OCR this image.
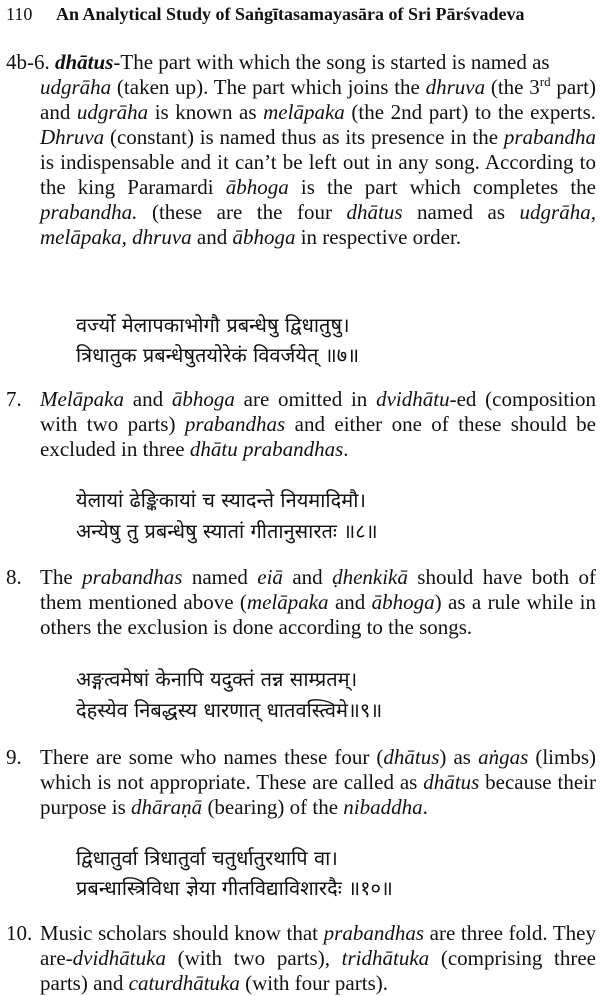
110 An Analytical Study of Saṅgītasamayasāra of Sri Pārśvadeva

4b-6. dhātus-The part with which the song is started is named as

udgrāha (taken up). The part which joins the dhruva (the 3rd part) and udgrāha is known as melāpaka (the 2nd part) to the experts. Dhruva (constant) is named thus as its presence in the prabandha is indispensable and it can’t be left out in any song. According to the king Paramardi ābhoga is the part which completes the prabandha. (these are the four dhātus named as udgrāha, melāpaka, dhruva and ābhoga in respective order.

वर्ज्यो मेलापकाभोगौ प्रबन्धेषु द्विधातुषु।
त्रिधातुक प्रबन्धेषुतयोरेकं विवर्जयेत् ॥७॥
7. Melāpaka and ābhoga are omitted in dvidhātu-ed (composition with two parts) prabandhas and either one of these should be excluded in three dhātu prabandhas.

येलायां ढेङ्किकायां च स्यादन्ते नियमादिमौ।
अन्येषु तु प्रबन्धेषु स्यातां गीतानुसारतः ॥८॥
8. The prabandhas named eiā and ḍhenkikā should have both of them mentioned above (melāpaka and ābhoga) as a rule while in others the exclusion is done according to the songs.

अङ्गत्वमेषां केनापि यदुक्तं तन्न साम्प्रतम्।
देहस्येव निबद्धस्य धारणात् धातवस्त्विमे॥९॥
9. There are some who names these four (dhātus) as aṅgas (limbs) which is not appropriate. These are called as dhātus because their purpose is dhāraṇā (bearing) of the nibaddha.

द्विधातुर्वा त्रिधातुर्वा चतुर्धातुरथापि वा।
प्रबन्धास्त्रिविधा ज्ञेया गीतविद्याविशारदैः ॥१०॥
10. Music scholars should know that prabandhas are three fold. They are-dvidhātuka (with two parts), tridhātuka (comprising three parts) and caturdhātuka (with four parts).
